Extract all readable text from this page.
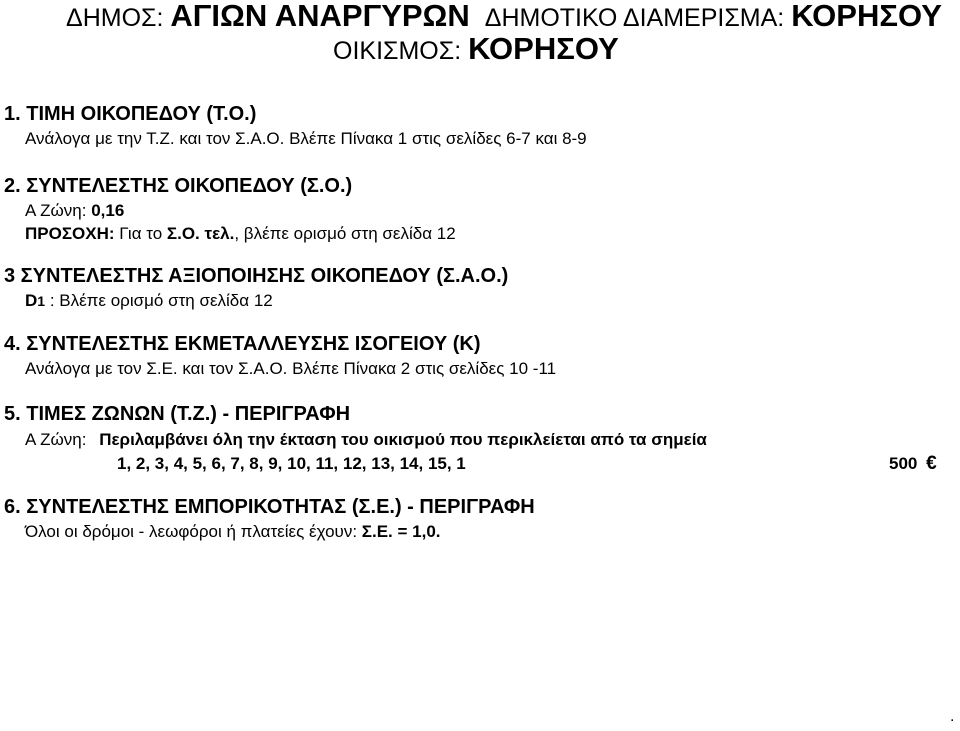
ΔΗΜΟΣ: ΑΓΙΩΝ ΑΝΑΡΓΥΡΩΝ ΔΗΜΟΤΙΚΟ ΔΙΑΜΕΡΙΣΜΑ: ΚΟΡΗΣΟΥ
ΟΙΚΙΣΜΟΣ: ΚΟΡΗΣΟΥ
1. ΤΙΜΗ ΟΙΚΟΠΕΔΟΥ (Τ.Ο.)
Ανάλογα με την Τ.Ζ. και τον Σ.Α.Ο. Βλέπε Πίνακα 1 στις σελίδες 6-7 και 8-9
2. ΣΥΝΤΕΛΕΣΤΗΣ ΟΙΚΟΠΕΔΟΥ (Σ.Ο.)
Α Ζώνη: 0,16
ΠΡΟΣΟΧΗ: Για το Σ.Ο. τελ., βλέπε ορισμό στη σελίδα 12
3 ΣΥΝΤΕΛΕΣΤΗΣ ΑΞΙΟΠΟΙΗΣΗΣ ΟΙΚΟΠΕΔΟΥ (Σ.Α.Ο.)
D1 : Βλέπε ορισμό στη σελίδα 12
4. ΣΥΝΤΕΛΕΣΤΗΣ ΕΚΜΕΤΑΛΛΕΥΣΗΣ ΙΣΟΓΕΙΟΥ (Κ)
Ανάλογα με τον Σ.Ε. και τον Σ.Α.Ο. Βλέπε Πίνακα 2 στις σελίδες 10 -11
5. ΤΙΜΕΣ ΖΩΝΩΝ (Τ.Ζ.) - ΠΕΡΙΓΡΑΦΗ
Α Ζώνη: Περιλαμβάνει όλη την έκταση του οικισμού που περικλείεται από τα σημεία
1, 2, 3, 4, 5, 6, 7, 8, 9, 10, 11, 12, 13, 14, 15, 1	500 €
6. ΣΥΝΤΕΛΕΣΤΗΣ ΕΜΠΟΡΙΚΟΤΗΤΑΣ (Σ.Ε.) - ΠΕΡΙΓΡΑΦΗ
Όλοι οι δρόμοι - λεωφόροι ή πλατείες έχουν: Σ.Ε. = 1,0.
.
